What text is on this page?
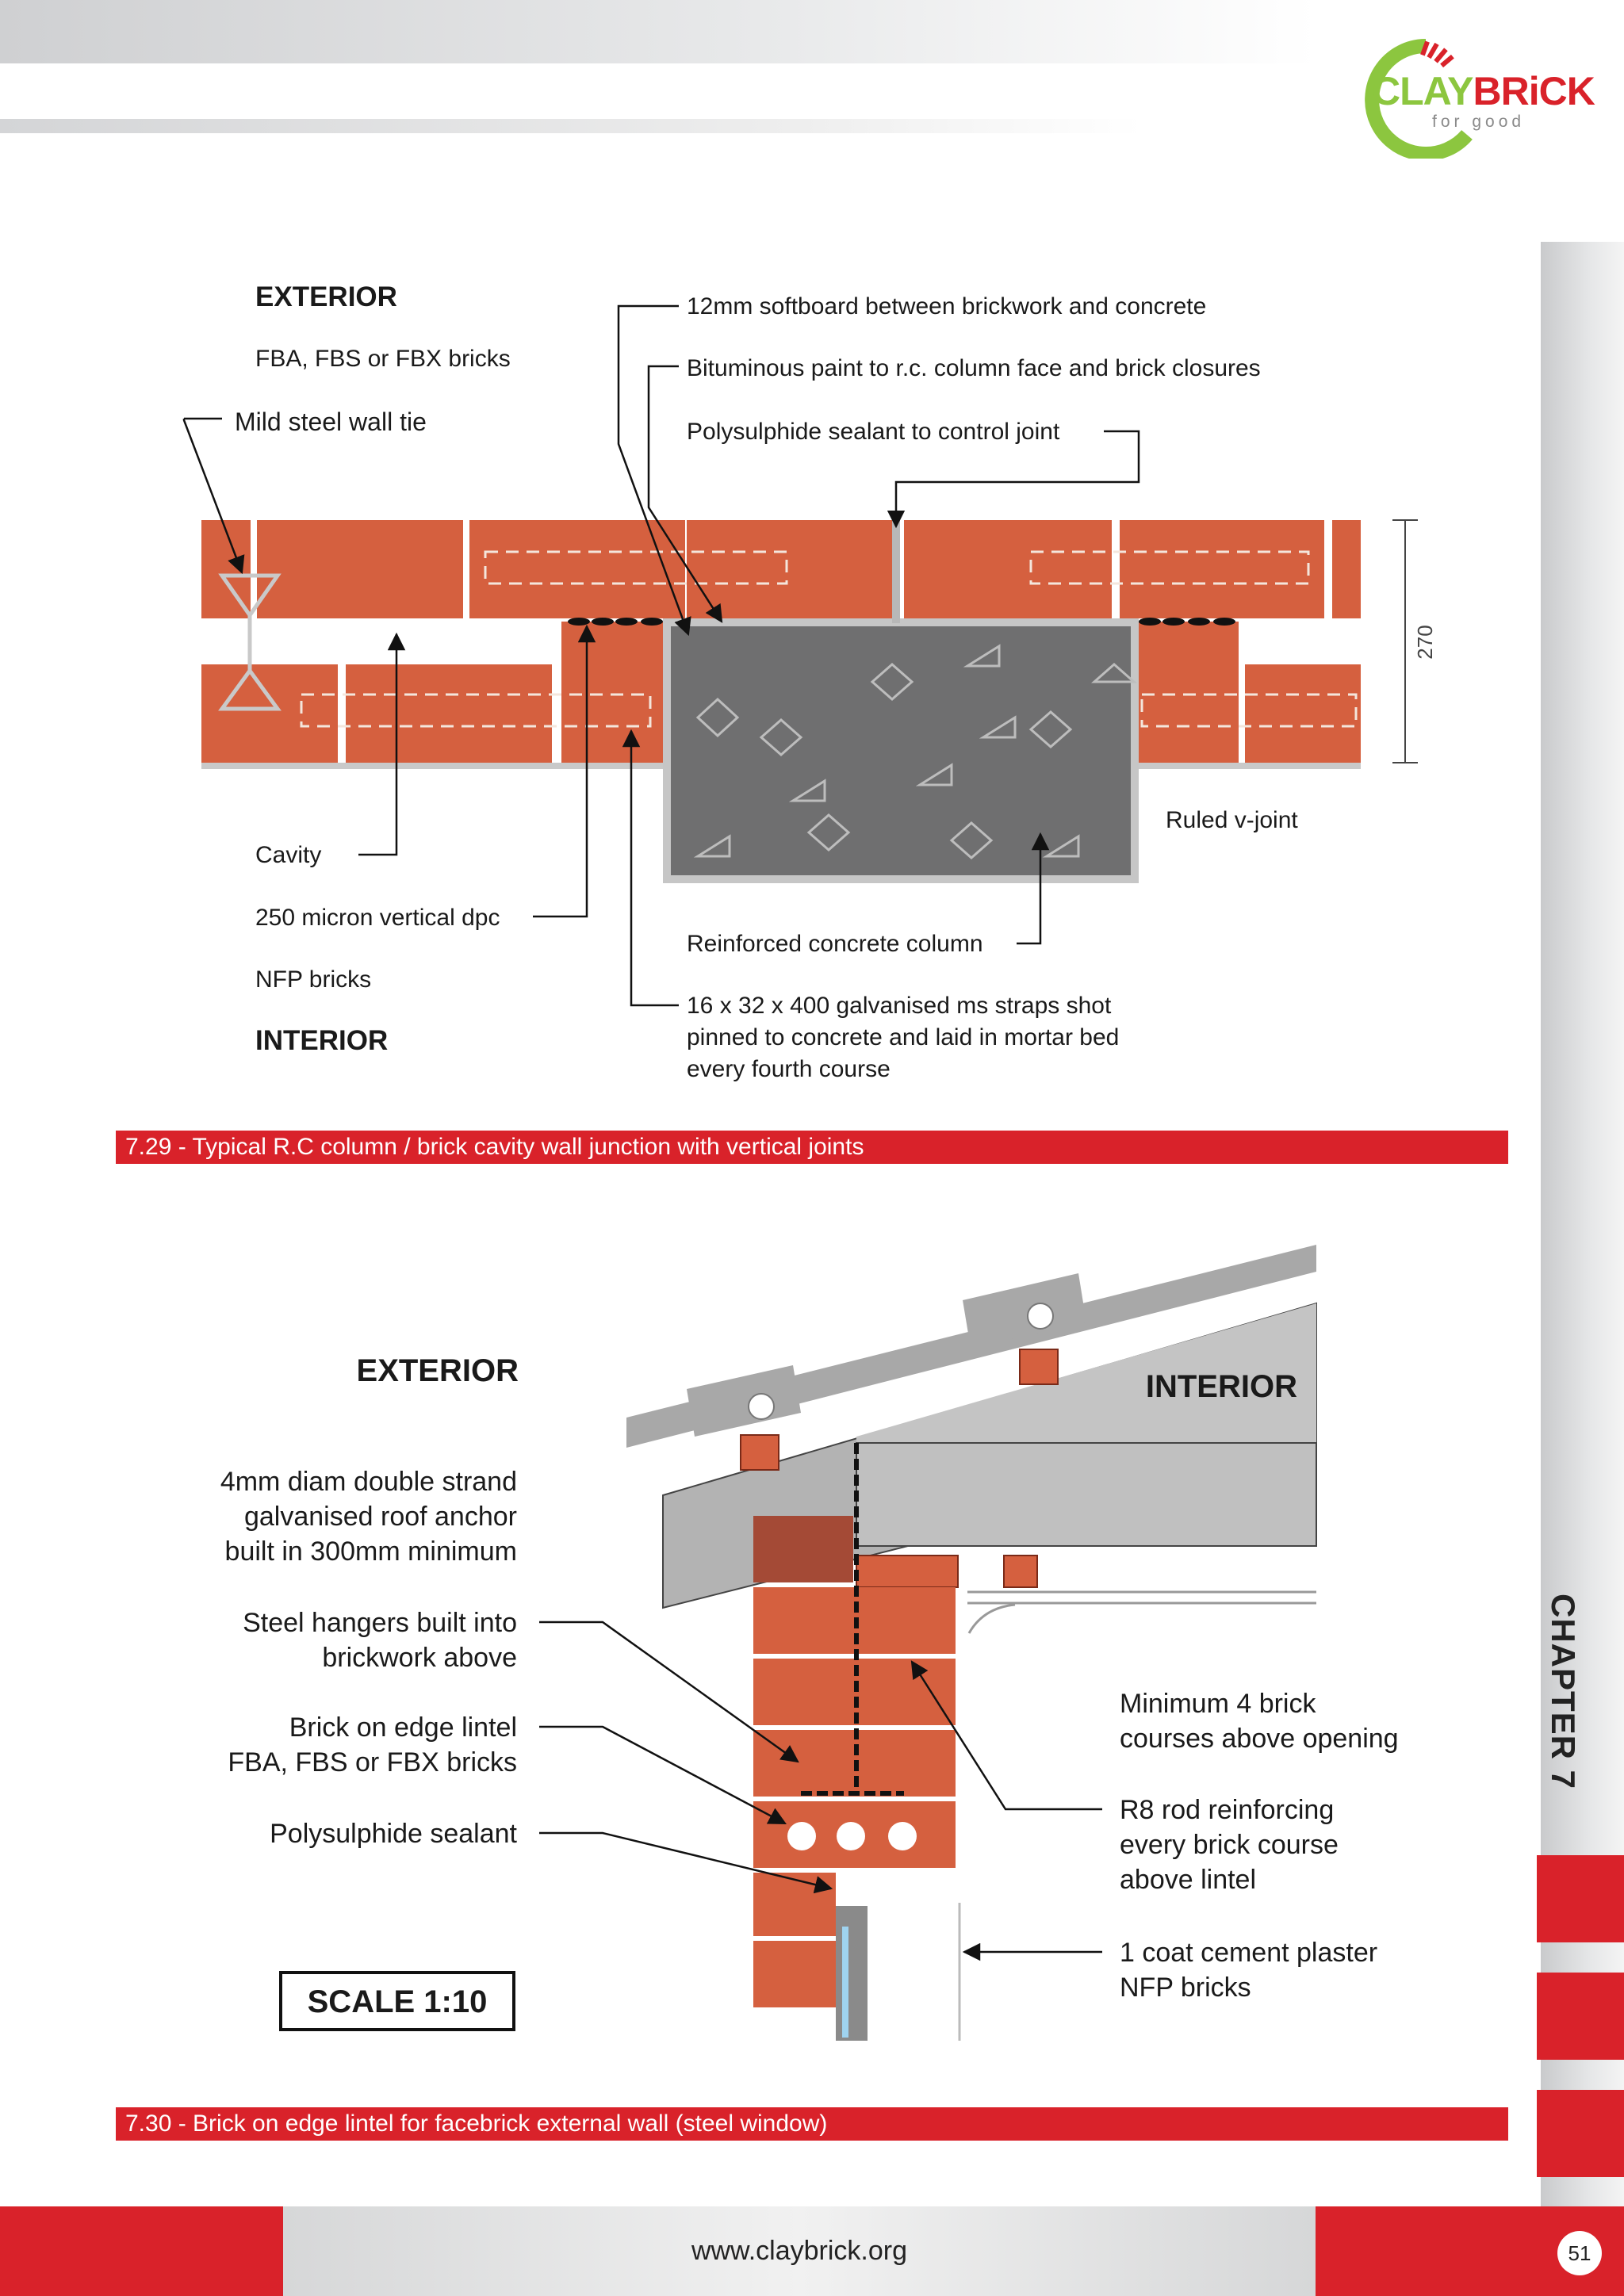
CLAYBRiCK
for good
CHAPTER 7
270
EXTERIOR
FBA, FBS or FBX bricks
Mild steel wall tie
12mm softboard between brickwork and concrete
Bituminous paint to r.c. column face and brick closures
Polysulphide sealant to control joint
Ruled v-joint
Cavity
250 micron vertical dpc
NFP bricks
INTERIOR
Reinforced concrete column
16 x 32 x 400 galvanised ms straps shot
pinned to concrete and laid in mortar bed
every fourth course
7.29 - Typical R.C column / brick cavity wall junction with vertical joints
EXTERIOR	INTERIOR
4mm diam double strand
galvanised roof anchor
built in 300mm minimum
Steel hangers built into
brickwork above
Brick on edge lintel
FBA, FBS or FBX bricks
Polysulphide sealant
SCALE 1:10
Minimum 4 brick
courses above opening
R8 rod reinforcing
every brick course
above lintel
1 coat cement plaster
NFP bricks
7.30 - Brick on edge lintel for facebrick external wall (steel window)
www.claybrick.org	51
